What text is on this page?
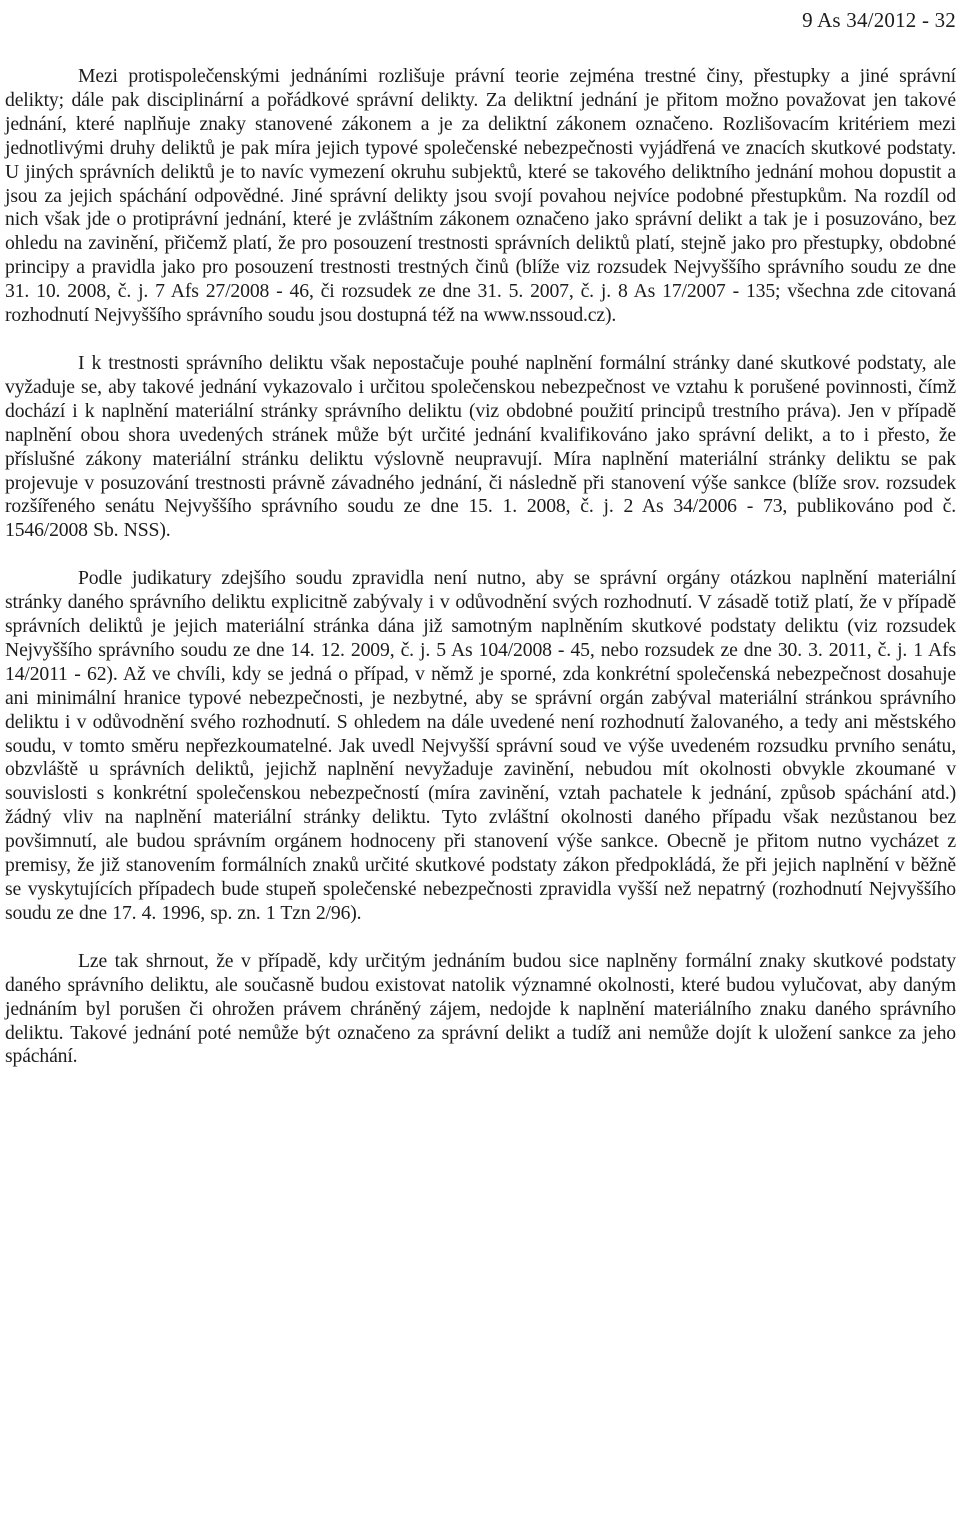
9 As 34/2012 - 32

Mezi protispolečenskými jednáními rozlišuje právní teorie zejména trestné činy, přestupky a jiné správní delikty; dále pak disciplinární a pořádkové správní delikty. Za deliktní jednání je přitom možno považovat jen takové jednání, které naplňuje znaky stanovené zákonem a je za deliktní zákonem označeno. Rozlišovacím kritériem mezi jednotlivými druhy deliktů je pak míra jejich typové společenské nebezpečnosti vyjádřená ve znacích skutkové podstaty. U jiných správních deliktů je to navíc vymezení okruhu subjektů, které se takového deliktního jednání mohou dopustit a jsou za jejich spáchání odpovědné. Jiné správní delikty jsou svojí povahou nejvíce podobné přestupkům. Na rozdíl od nich však jde o protiprávní jednání, které je zvláštním zákonem označeno jako správní delikt a tak je i posuzováno, bez ohledu na zavinění, přičemž platí, že pro posouzení trestnosti správních deliktů platí, stejně jako pro přestupky, obdobné principy a pravidla jako pro posouzení trestnosti trestných činů (blíže viz rozsudek Nejvyššího správního soudu ze dne 31. 10. 2008, č. j. 7 Afs 27/2008 - 46, či rozsudek ze dne 31. 5. 2007, č. j. 8 As 17/2007 - 135; všechna zde citovaná rozhodnutí Nejvyššího správního soudu jsou dostupná též na www.nssoud.cz).

I k trestnosti správního deliktu však nepostačuje pouhé naplnění formální stránky dané skutkové podstaty, ale vyžaduje se, aby takové jednání vykazovalo i určitou společenskou nebezpečnost ve vztahu k porušené povinnosti, čímž dochází i k naplnění materiální stránky správního deliktu (viz obdobné použití principů trestního práva). Jen v případě naplnění obou shora uvedených stránek může být určité jednání kvalifikováno jako správní delikt, a to i přesto, že příslušné zákony materiální stránku deliktu výslovně neupravují. Míra naplnění materiální stránky deliktu se pak projevuje v posuzování trestnosti právně závadného jednání, či následně při stanovení výše sankce (blíže srov. rozsudek rozšířeného senátu Nejvyššího správního soudu ze dne 15. 1. 2008, č. j. 2 As 34/2006 - 73, publikováno pod č. 1546/2008 Sb. NSS).

Podle judikatury zdejšího soudu zpravidla není nutno, aby se správní orgány otázkou naplnění materiální stránky daného správního deliktu explicitně zabývaly i v odůvodnění svých rozhodnutí. V zásadě totiž platí, že v případě správních deliktů je jejich materiální stránka dána již samotným naplněním skutkové podstaty deliktu (viz rozsudek Nejvyššího správního soudu ze dne 14. 12. 2009, č. j. 5 As 104/2008 - 45, nebo rozsudek ze dne 30. 3. 2011, č. j. 1 Afs 14/2011 - 62). Až ve chvíli, kdy se jedná o případ, v němž je sporné, zda konkrétní společenská nebezpečnost dosahuje ani minimální hranice typové nebezpečnosti, je nezbytné, aby se správní orgán zabýval materiální stránkou správního deliktu i v odůvodnění svého rozhodnutí. S ohledem na dále uvedené není rozhodnutí žalovaného, a tedy ani městského soudu, v tomto směru nepřezkoumatelné. Jak uvedl Nejvyšší správní soud ve výše uvedeném rozsudku prvního senátu, obzvláště u správních deliktů, jejichž naplnění nevyžaduje zavinění, nebudou mít okolnosti obvykle zkoumané v souvislosti s konkrétní společenskou nebezpečností (míra zavinění, vztah pachatele k jednání, způsob spáchání atd.) žádný vliv na naplnění materiální stránky deliktu. Tyto zvláštní okolnosti daného případu však nezůstanou bez povšimnutí, ale budou správním orgánem hodnoceny při stanovení výše sankce. Obecně je přitom nutno vycházet z premisy, že již stanovením formálních znaků určité skutkové podstaty zákon předpokládá, že při jejich naplnění v běžně se vyskytujících případech bude stupeň společenské nebezpečnosti zpravidla vyšší než nepatrný (rozhodnutí Nejvyššího soudu ze dne 17. 4. 1996, sp. zn. 1 Tzn 2/96).

Lze tak shrnout, že v případě, kdy určitým jednáním budou sice naplněny formální znaky skutkové podstaty daného správního deliktu, ale současně budou existovat natolik významné okolnosti, které budou vylučovat, aby daným jednáním byl porušen či ohrožen právem chráněný zájem, nedojde k naplnění materiálního znaku daného správního deliktu. Takové jednání poté nemůže být označeno za správní delikt a tudíž ani nemůže dojít k uložení sankce za jeho spáchání.
